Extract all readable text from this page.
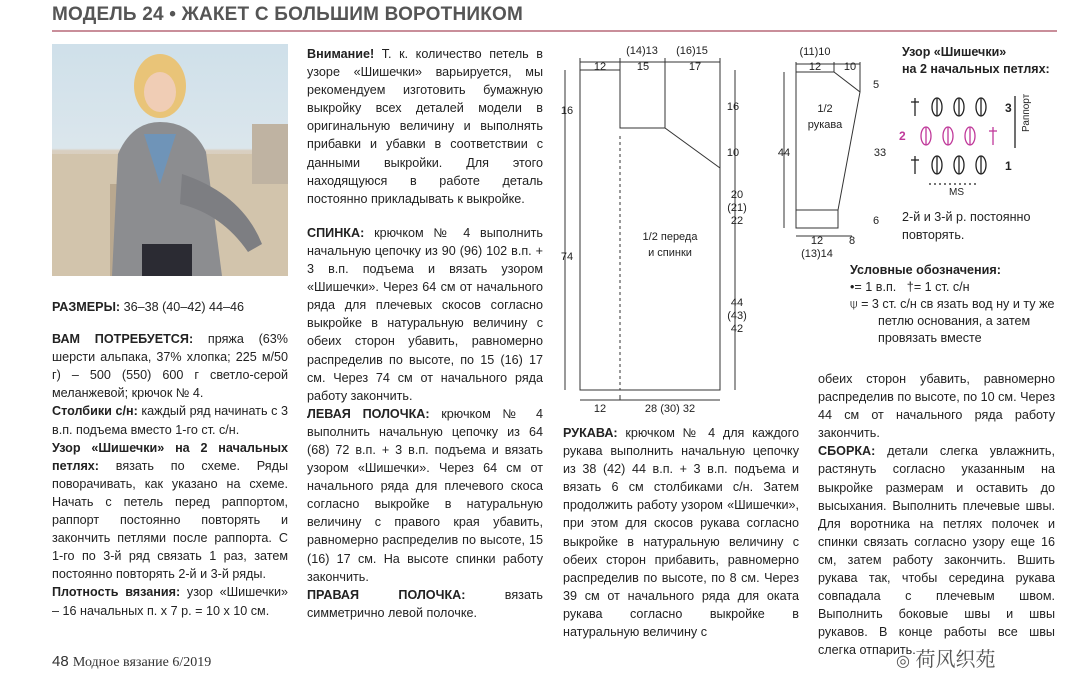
МОДЕЛЬ 24 • ЖАКЕТ С БОЛЬШИМ ВОРОТНИКОМ

РАЗМЕРЫ: 36–38 (40–42) 44–46

ВАМ ПОТРЕБУЕТСЯ: пряжа (63% шерсти альпака, 37% хлопка; 225 м/50 г) – 500 (550) 600 г светло-серой меланжевой; крючок № 4.

Столбики с/н: каждый ряд начинать с 3 в.п. подъема вместо 1-го ст. с/н.

Узор «Шишечки» на 2 начальных петлях: вязать по схеме. Ряды поворачивать, как указано на схеме. Начать с петель перед раппортом, раппорт постоянно повторять и закончить петлями после раппорта. С 1-го по 3-й ряд связать 1 раз, затем постоянно повторять 2-й и 3-й ряды.

Плотность вязания: узор «Шишечки» – 16 начальных п. х 7 р. = 10 х 10 см.

Внимание! Т. к. количество петель в узоре «Шишечки» варьируется, мы рекомендуем изготовить бумажную выкройку всех деталей модели в оригинальную величину и выполнять прибавки и убавки в соответствии с данными выкройки. Для этого находящуюся в работе деталь постоянно прикладывать к выкройке.

СПИНКА: крючком № 4 выполнить начальную цепочку из 90 (96) 102 в.п. + 3 в.п. подъема и вязать узором «Шишечки». Через 64 см от начального ряда для плечевых скосов согласно выкройке в натуральную величину с обеих сторон убавить, равномерно распределив по высоте, по 15 (16) 17 см. Через 74 см от начального ряда работу закончить.

ЛЕВАЯ ПОЛОЧКА: крючком № 4 выполнить начальную цепочку из 64 (68) 72 в.п. + 3 в.п. подъема и вязать узором «Шишечки». Через 64 см от начального ряда для плечевого скоса согласно выкройке в натуральную величину с правого края убавить, равномерно распределив по высоте, 15 (16) 17 см. На высоте спинки работу закончить.

ПРАВАЯ ПОЛОЧКА: вязать симметрично левой полочке.

РУКАВА: крючком № 4 для каждого рукава выполнить начальную цепочку из 38 (42) 44 в.п. + 3 в.п. подъема и вязать 6 см столбиками с/н. Затем продолжить работу узором «Шишечки», при этом для скосов рукава согласно выкройке в натуральную величину с обеих сторон прибавить, равномерно распределив по высоте, по 8 см. Через 39 см от начального ряда для оката рукава согласно выкройке в натуральную величину с

обеих сторон убавить, равномерно распределив по высоте, по 10 см. Через 44 см от начального ряда работу закончить.

СБОРКА: детали слегка увлажнить, растянуть согласно указанным на выкройке размерам и оставить до высыхания. Выполнить плечевые швы. Для воротника на петлях полочек и спинки связать согласно узору еще 16 см, затем работу закончить. Вшить рукава так, чтобы середина рукава совпадала с плечевым швом. Выполнить боковые швы и швы рукавов. В конце работы все швы слегка отпарить.

(14)13 (16)15
12	15	17
16
74
16
10
20
(21)
22
44
(43)
42
1/2 переда
и спинки
12	28 (30) 32
(11)10
12 10
5
33
6
44
1/2
рукава
12 8
(13)14
Узор «Шишечки»
на 2 начальных петлях:
3
2
1
Раппорт
MS
2-й и 3-й р. постоянно
повторять.
Условные обозначения:
•= 1 в.п. †= 1 ст. с/н
⍦ = 3 ст. с/н св язать вод ну и ту же
петлю основания, а затем
провязать вместе
48 Модное вязание 6/2019	◎ 荷风织苑
